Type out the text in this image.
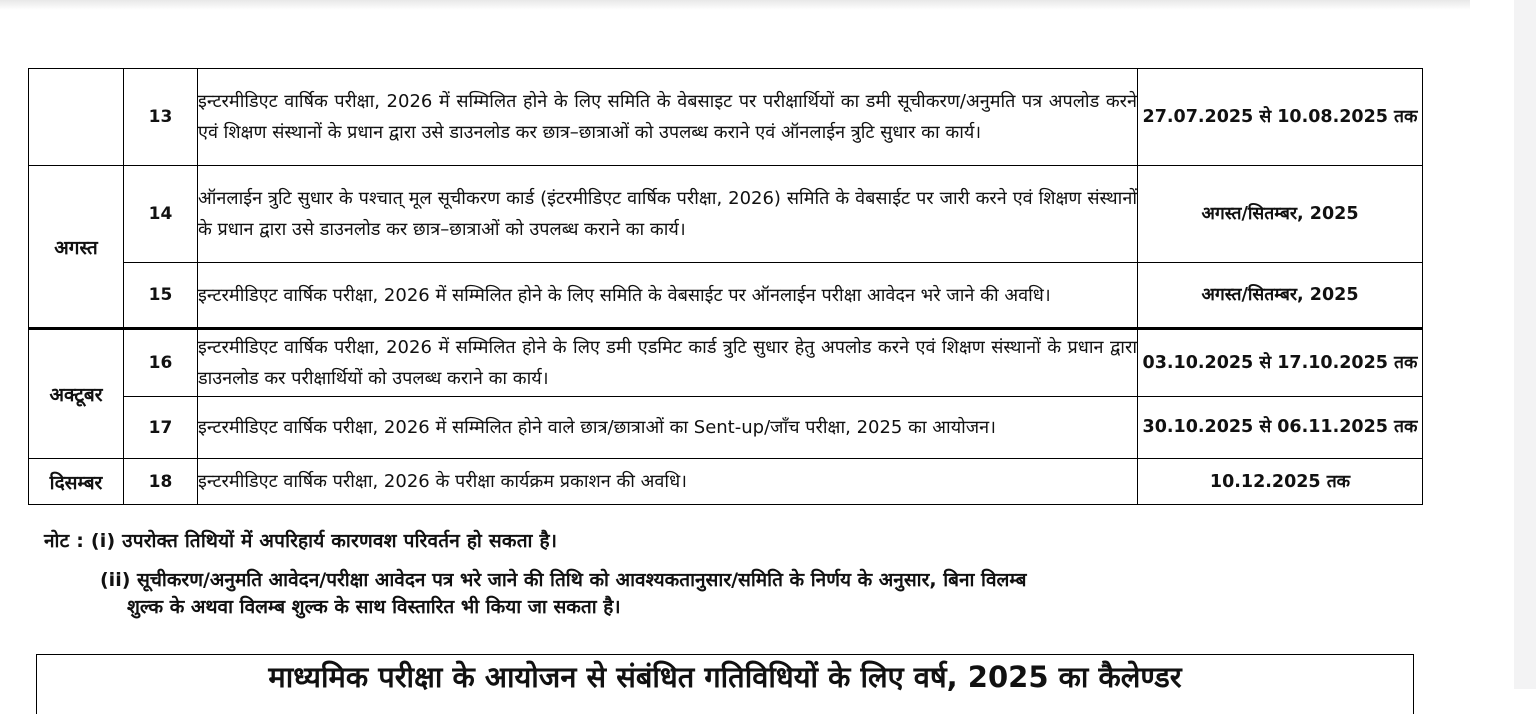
	13	इन्टरमीडिएट वार्षिक परीक्षा, 2026 में सम्मिलित होने के लिए समिति के वेबसाइट पर परीक्षार्थियों का डमी सूचीकरण/अनुमति पत्र अपलोड करने एवं शिक्षण संस्थानों के प्रधान द्वारा उसे डाउनलोड कर छात्र–छात्राओं को उपलब्ध कराने एवं ऑनलाईन त्रुटि सुधार का कार्य।	27.07.2025 से 10.08.2025 तक
अगस्त	14	ऑनलाईन त्रुटि सुधार के पश्चात् मूल सूचीकरण कार्ड (इंटरमीडिएट वार्षिक परीक्षा, 2026) समिति के वेबसाईट पर जारी करने एवं शिक्षण संस्थानों के प्रधान द्वारा उसे डाउनलोड कर छात्र–छात्राओं को उपलब्ध कराने का कार्य।	अगस्त/सितम्बर, 2025
	15	इन्टरमीडिएट वार्षिक परीक्षा, 2026 में सम्मिलित होने के लिए समिति के वेबसाईट पर ऑनलाईन परीक्षा आवेदन भरे जाने की अवधि।	अगस्त/सितम्बर, 2025
अक्टूबर	16	इन्टरमीडिएट वार्षिक परीक्षा, 2026 में सम्मिलित होने के लिए डमी एडमिट कार्ड त्रुटि सुधार हेतु अपलोड करने एवं शिक्षण संस्थानों के प्रधान द्वारा डाउनलोड कर परीक्षार्थियों को उपलब्ध कराने का कार्य।	03.10.2025 से 17.10.2025 तक
	17	इन्टरमीडिएट वार्षिक परीक्षा, 2026 में सम्मिलित होने वाले छात्र/छात्राओं का Sent-up/जाँच परीक्षा, 2025 का आयोजन।	30.10.2025 से 06.11.2025 तक
दिसम्बर	18	इन्टरमीडिएट वार्षिक परीक्षा, 2026 के परीक्षा कार्यक्रम प्रकाशन की अवधि।	10.12.2025 तक
नोट : (i) उपरोक्त तिथियों में अपरिहार्य कारणवश परिवर्तन हो सकता है।
(ii) सूचीकरण/अनुमति आवेदन/परीक्षा आवेदन पत्र भरे जाने की तिथि को आवश्यकतानुसार/समिति के निर्णय के अनुसार, बिना विलम्ब
शुल्क के अथवा विलम्ब शुल्क के साथ विस्तारित भी किया जा सकता है।
माध्यमिक परीक्षा के आयोजन से संबंधित गतिविधियों के लिए वर्ष, 2025 का कैलेण्डर
